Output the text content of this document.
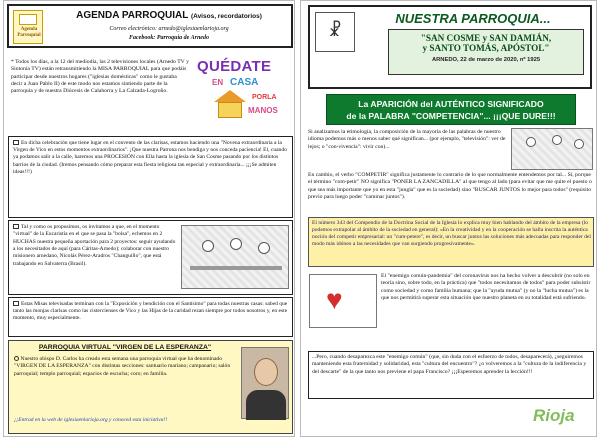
Agenda Parroquial
AGENDA PARROQUIAL (Avisos, recordatorios)
Correo electrónico: arnedo@iglesiaenlarioja.org
Facebook: Parroquia de Arnedo
* Todos los días, a la 12 del mediodía, las 2 televisiones locales (Arnedo TV y Sintonía TV) están retransmitiendo la MISA PARROQUIAL para que podáis participar desde nuestros hogares ("iglesias domésticas" como le gustaba decir a Juan Pablo II) de este modo nos estamos sintiendo parte de la parroquia y de nuestra Diócesis de Calahorra y La Calzada-Logroño.
QUÉDATE
EN CASA
PORLA
MANOS
En dicha celebración que tiene lugar en el convento de las clarisas, estamos haciendo una "Novena extraordinaria a la Virgen de Vico en estos momentos extraordinarios". ¡Que nuestra Patrona nos bendiga y nos conceda paciencia! El, cuando ya podamos salir a la calle, haremos una PROCESIÓN con Ella hasta la iglesia de San Cosme pasando por los distintos barrios de la ciudad. (Iremos pensando cómo preparar esta fiesta religiosa tan especial y extraordinaria... ¡¡¡Se admiten ideas!!!)
Tal y como os propusimos, os invitamos a que, en el momento "virtual" de la Eucaristía en el que se pasa la "bolsa", echemos en 2 HUCHAS nuestra pequeña aportación para 2 proyectos: seguir ayudando a los necesitados de aquí (para Cáritas-Arnedo); colaborar con nuestro misionero arnedano, Nicolás Pérez-Aradros "Changuillo", que está trabajando en Salvaterra (Brasil).
Estas Misas televisadas terminan con la "Exposición y bendición con el Santísimo" para todas nuestras casas: sabed que tanto las monjas clarisas como las cistercienses de Vico y las Hijas de la caridad rezan siempre por todos nosotros y, en este momento, muy especialmente.
PARROQUIA VIRTUAL "VIRGEN DE LA ESPERANZA"
Nuestro obispo D. Carlos ha creado esta semana una parroquia virtual que ha denominado "VIRGEN DE LA ESPERANZA" con distintas secciones: santuario mariano; campanario; salón parroquial; templo parroquial; espacios de escucha; coro; en familia.
¡¡Entrad en la web de iglesiaenlarioja.org y conoced esta iniciativa!!
☧
NUESTRA PARROQUIA...
"SAN COSME y SAN DAMIÁN,
y SANTO TOMÁS, APÓSTOL"
ARNEDO, 22 de marzo de 2020, nº 1925
La APARICIÓN del AUTÉNTICO SIGNIFICADO
de la PALABRA "COMPETENCIA"... ¡¡¡QUE DURE!!!
Si analizamos la etimología, la composición de la mayoría de las palabras de nuestro idioma podemos más o menos saber qué significan... (por ejemplo, "televisión": ver de lejos; o "con-vivencia": vivir con)...
En cambio, el verbo "COMPETIR" significa justamente lo contrario de lo que normalmente entendemos por tal... Sí, porque el término "com-petir" NO significa "PONER LA ZANCADILLA" al que tengo al lado (para evitar que me quite el puesto o que sea más importante que yo en esta "jungla" que es la sociedad) sino "BUSCAR JUNTOS lo mejor para todos" (requisito previo para luego poder "caminar juntos").
El número 343 del Compendio de la Doctrina Social de la Iglesia lo explica muy bien hablando del ámbito de la empresa (lo podemos extrapolar al ámbito de la sociedad en general): «En la creatividad y en la cooperación se halla inscrita la auténtica noción del competir empresarial: un "cum-petere", es decir, un buscar juntos las soluciones más adecuadas para responder del modo más idóneo a las necesidades que van surgiendo progresivamente».
♥
El "enemigo común-pandemia" del coronavirus nos ha hecho volver a descubrir (no solo en teoría sino, sobre todo, en la práctica) que "todos necesitamos de todos" para poder subsistir como sociedad y como familia humana; que la "ayuda mutua" (y no la "lucha mutua") es la que nos permitirá superar esta situación que nuestro planeta en su totalidad está sufriendo.
...Pero, cuando desaparezca este "enemigo común" (que, sin duda con el esfuerzo de todos, desaparecerá), ¿seguiremos manteniendo esta fraternidad y solidaridad, esta "cultura del encuentro"? ¿o volveremos a la "cultura de la indiferencia y del descarte" de la que tanto nos previene el papa Francisco? ¡¡¡Esperemos aprender la lección!!!
Rioja
